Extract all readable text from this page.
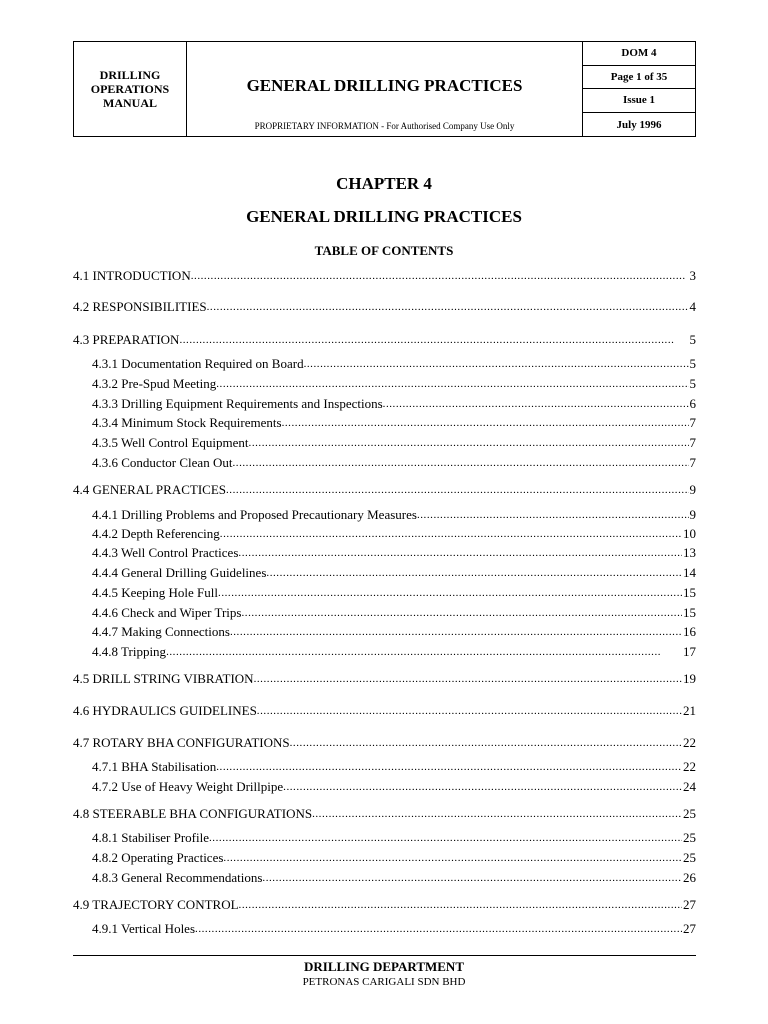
DRILLING
OPERATIONS
MANUAL
GENERAL DRILLING PRACTICES
PROPRIETARY INFORMATION - For Authorised Company Use Only
DOM 4
Page 1 of 35
Issue 1
July 1996
CHAPTER 4
GENERAL DRILLING PRACTICES
TABLE OF CONTENTS
4.1 INTRODUCTION . . .	3
4.2 RESPONSIBILITIES . . .	4
4.3 PREPARATION . . .	5
4.3.1 Documentation Required on Board . . .	5
4.3.2 Pre-Spud Meeting . . .	5
4.3.3 Drilling Equipment Requirements and Inspections . . .	6
4.3.4 Minimum Stock Requirements . . .	7
4.3.5 Well Control Equipment . . .	7
4.3.6 Conductor Clean Out . . .	7
4.4 GENERAL PRACTICES . . .	9
4.4.1 Drilling Problems and Proposed Precautionary Measures . . .	9
4.4.2 Depth Referencing . . .	10
4.4.3 Well Control Practices . . .	13
4.4.4 General Drilling Guidelines . . .	14
4.4.5 Keeping Hole Full . . .	15
4.4.6 Check and Wiper Trips . . .	15
4.4.7 Making Connections . . .	16
4.4.8 Tripping . . .	17
4.5 DRILL STRING VIBRATION . . .	19
4.6 HYDRAULICS GUIDELINES . . .	21
4.7 ROTARY BHA CONFIGURATIONS . . .	22
4.7.1 BHA Stabilisation . . .	22
4.7.2 Use of Heavy Weight Drillpipe . . .	24
4.8 STEERABLE BHA CONFIGURATIONS . . .	25
4.8.1 Stabiliser Profile . . .	25
4.8.2 Operating Practices . . .	25
4.8.3 General Recommendations . . .	26
4.9 TRAJECTORY CONTROL . . .	27
4.9.1 Vertical Holes . . .	27
DRILLING DEPARTMENT
PETRONAS CARIGALI SDN BHD
